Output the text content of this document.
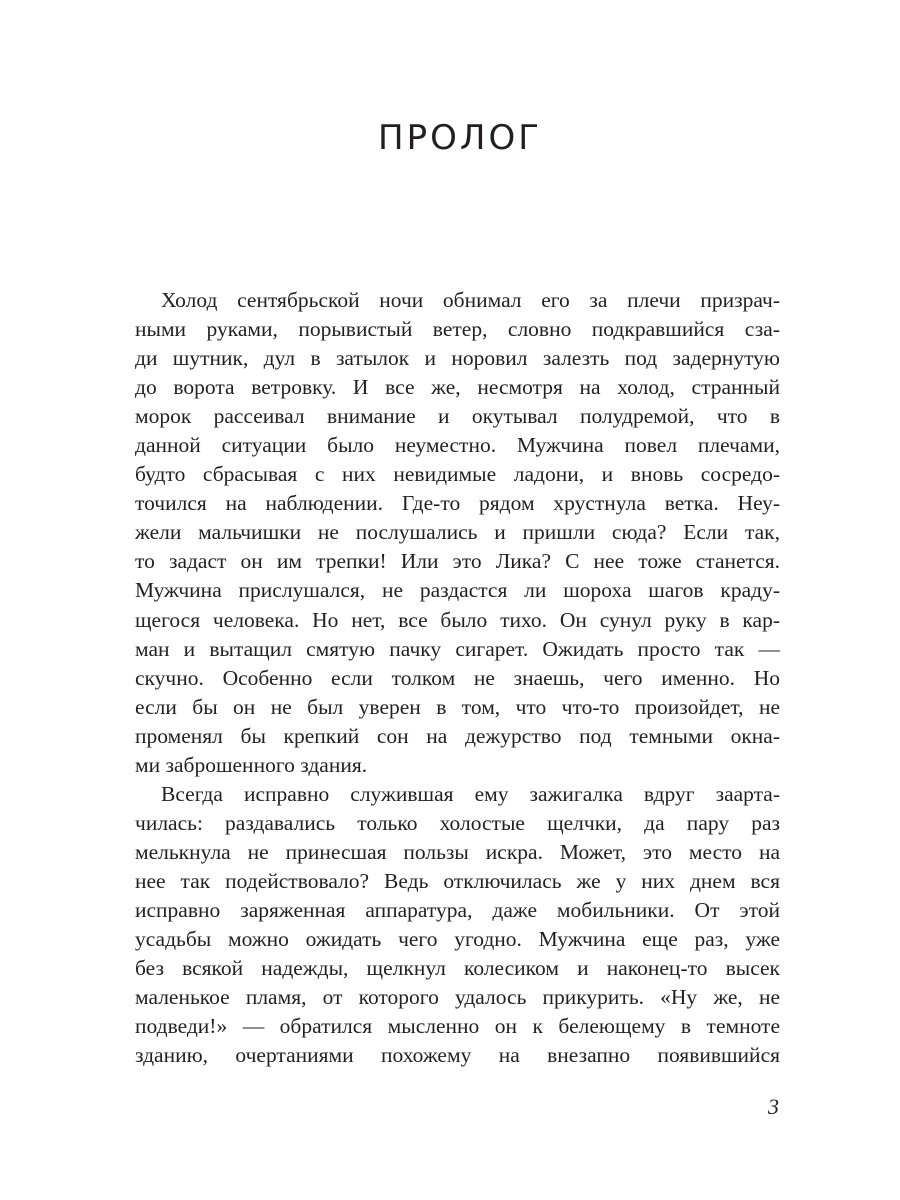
ПРОЛОГ
Холод сентябрьской ночи обнимал его за плечи призрач-
ными руками, порывистый ветер, словно подкравшийся сза-
ди шутник, дул в затылок и норовил залезть под задернутую
до ворота ветровку. И все же, несмотря на холод, странный
морок рассеивал внимание и окутывал полудремой, что в
данной ситуации было неуместно. Мужчина повел плечами,
будто сбрасывая с них невидимые ладони, и вновь сосредо-
точился на наблюдении. Где-то рядом хрустнула ветка. Неу-
жели мальчишки не послушались и пришли сюда? Если так,
то задаст он им трепки! Или это Лика? С нее тоже станется.
Мужчина прислушался, не раздастся ли шороха шагов краду-
щегося человека. Но нет, все было тихо. Он сунул руку в кар-
ман и вытащил смятую пачку сигарет. Ожидать просто так —
скучно. Особенно если толком не знаешь, чего именно. Но
если бы он не был уверен в том, что что-то произойдет, не
променял бы крепкий сон на дежурство под темными окна-
ми заброшенного здания.
Всегда исправно служившая ему зажигалка вдруг заарта-
чилась: раздавались только холостые щелчки, да пару раз
мелькнула не принесшая пользы искра. Может, это место на
нее так подействовало? Ведь отключилась же у них днем вся
исправно заряженная аппаратура, даже мобильники. От этой
усадьбы можно ожидать чего угодно. Мужчина еще раз, уже
без всякой надежды, щелкнул колесиком и наконец-то высек
маленькое пламя, от которого удалось прикурить. «Ну же, не
подведи!» — обратился мысленно он к белеющему в темноте
зданию, очертаниями похожему на внезапно появившийся
3
